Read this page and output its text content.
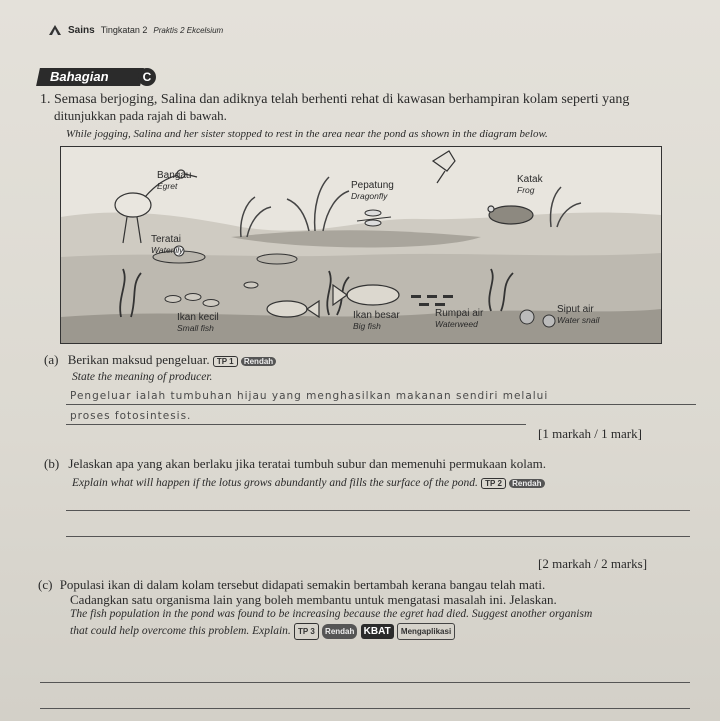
Sains Tingkatan 2 Praktis 2 Ekcelsium
Bahagian	C
1. Semasa berjoging, Salina dan adiknya telah berhenti rehat di kawasan berhampiran kolam seperti yang
ditunjukkan pada rajah di bawah.
While jogging, Salina and her sister stopped to rest in the area near the pond as shown in the diagram below.
Bangau
Egret	Pepatung
Dragonfly
Katak
Frog
Teratai
Waterlily
Ikan kecil
Small fish
Ikan besar
Big fish
Rumpai air
Waterweed
Siput air
Water snail
(a) Berikan maksud pengeluar. TP 1 Rendah
State the meaning of producer.
Pengeluar ialah tumbuhan hijau yang menghasilkan makanan sendiri melalui
proses fotosintesis.
[1 markah / 1 mark]
(b) Jelaskan apa yang akan berlaku jika teratai tumbuh subur dan memenuhi permukaan kolam.
Explain what will happen if the lotus grows abundantly and fills the surface of the pond. TP 2 Rendah
[2 markah / 2 marks]
(c) Populasi ikan di dalam kolam tersebut didapati semakin bertambah kerana bangau telah mati.
Cadangkan satu organisma lain yang boleh membantu untuk mengatasi masalah ini. Jelaskan.
The fish population in the pond was found to be increasing because the egret had died. Suggest another organism
that could help overcome this problem. Explain. TP 3 Rendah KBAT Mengaplikasi
